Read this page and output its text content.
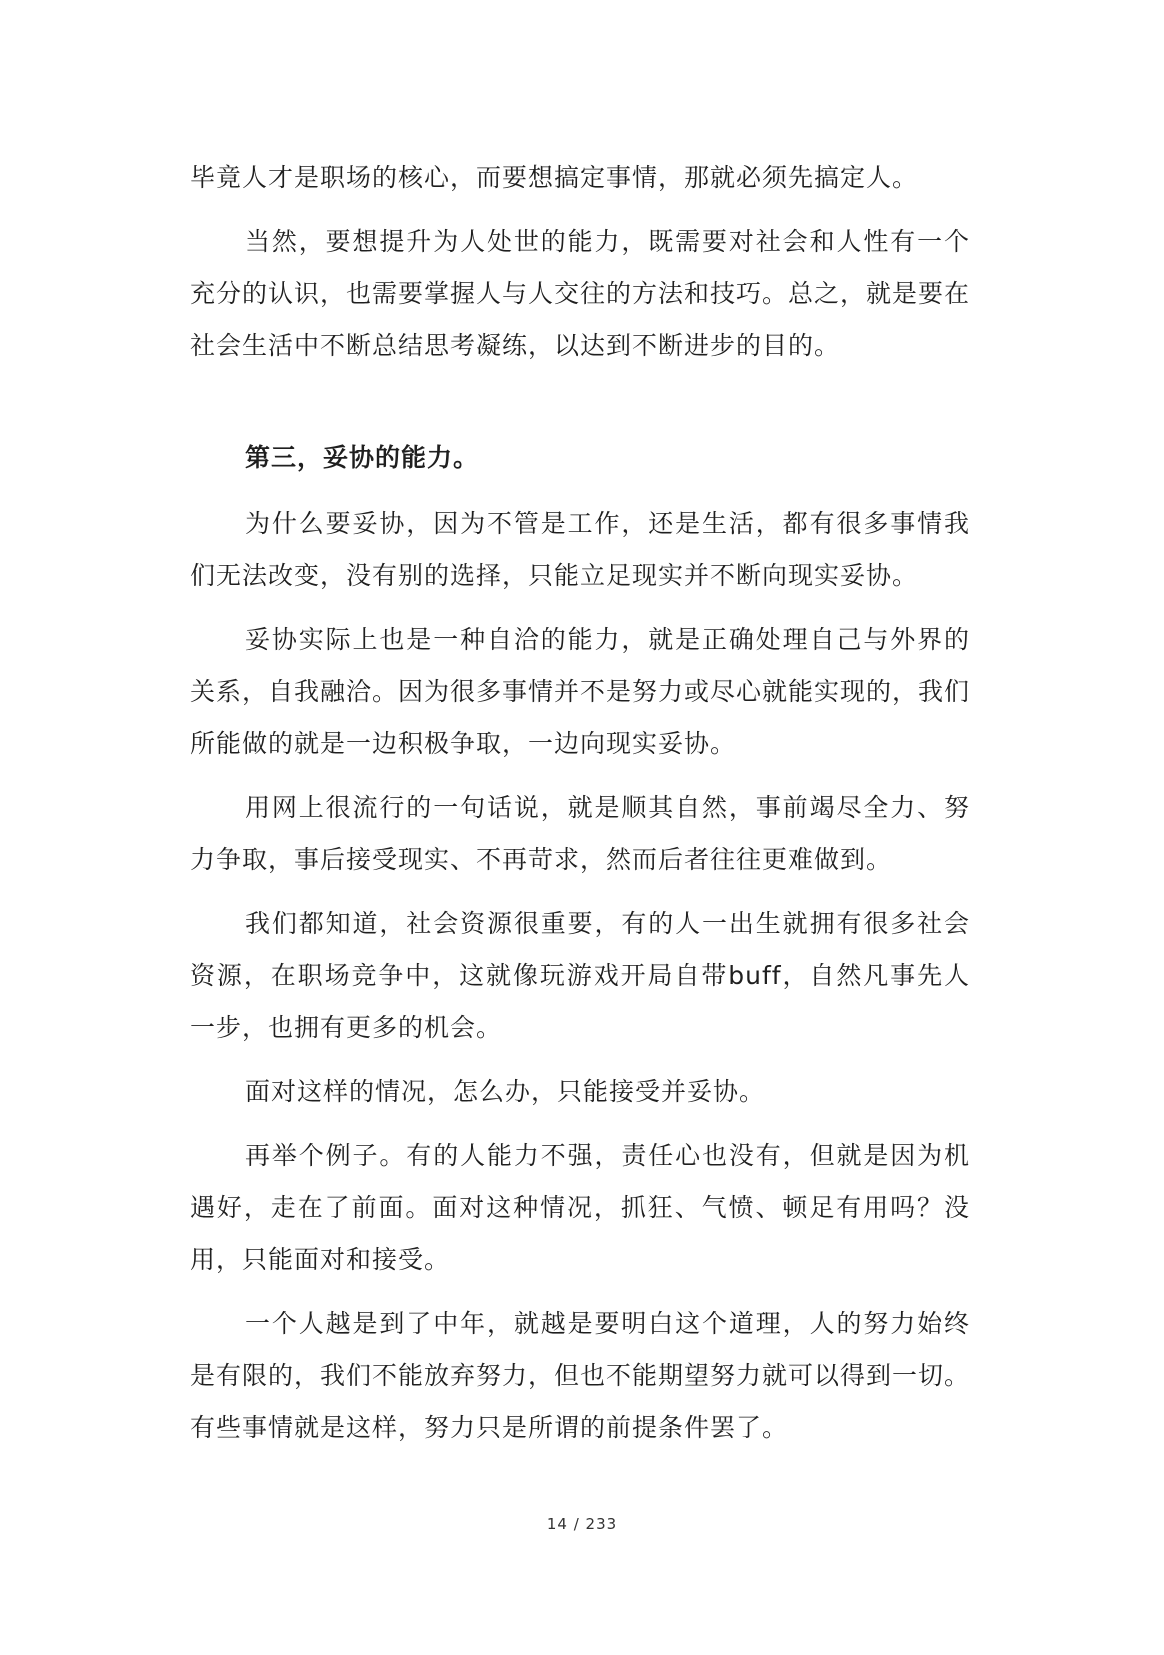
毕竟人才是职场的核心，而要想搞定事情，那就必须先搞定人。

当然，要想提升为人处世的能力，既需要对社会和人性有一个充分的认识，也需要掌握人与人交往的方法和技巧。总之，就是要在社会生活中不断总结思考凝练，以达到不断进步的目的。

第三，妥协的能力。

为什么要妥协，因为不管是工作，还是生活，都有很多事情我们无法改变，没有别的选择，只能立足现实并不断向现实妥协。

妥协实际上也是一种自洽的能力，就是正确处理自己与外界的关系，自我融洽。因为很多事情并不是努力或尽心就能实现的，我们所能做的就是一边积极争取，一边向现实妥协。

用网上很流行的一句话说，就是顺其自然，事前竭尽全力、努力争取，事后接受现实、不再苛求，然而后者往往更难做到。

我们都知道，社会资源很重要，有的人一出生就拥有很多社会资源，在职场竞争中，这就像玩游戏开局自带buff，自然凡事先人一步，也拥有更多的机会。

面对这样的情况，怎么办，只能接受并妥协。

再举个例子。有的人能力不强，责任心也没有，但就是因为机遇好，走在了前面。面对这种情况，抓狂、气愤、顿足有用吗？没用，只能面对和接受。

一个人越是到了中年，就越是要明白这个道理，人的努力始终是有限的，我们不能放弃努力，但也不能期望努力就可以得到一切。有些事情就是这样，努力只是所谓的前提条件罢了。

14 / 233
